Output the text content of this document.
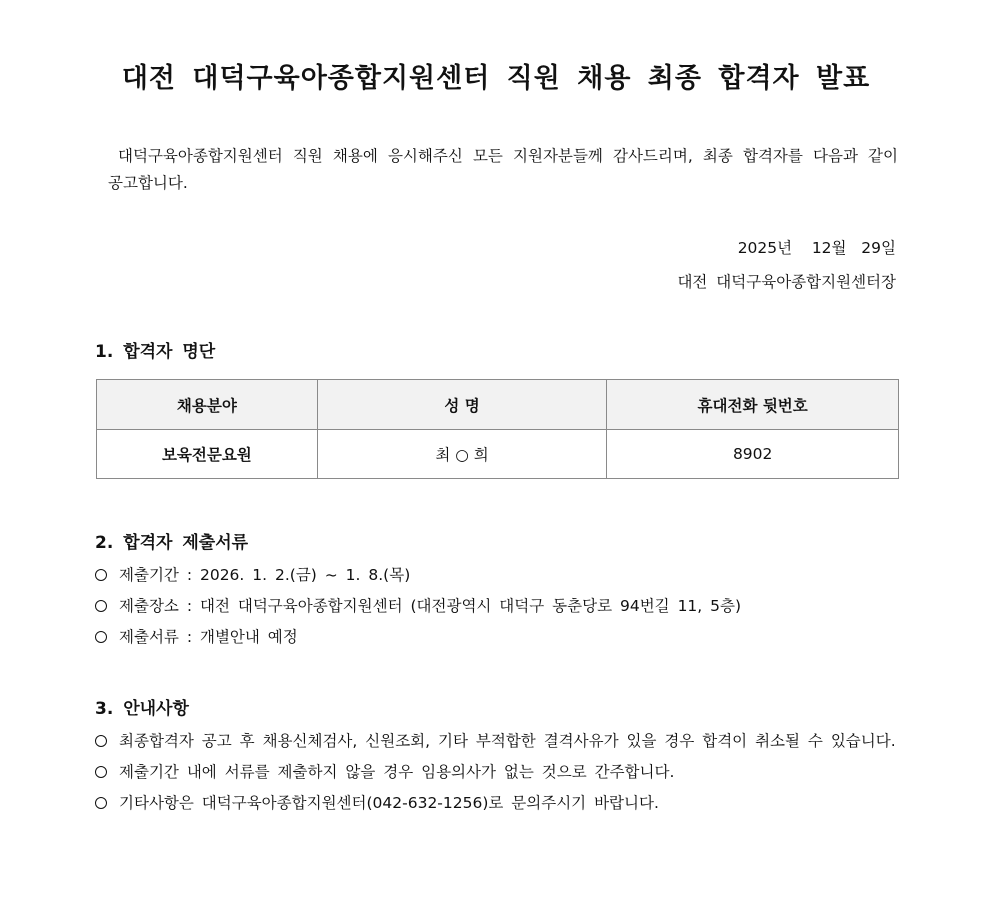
대전 대덕구육아종합지원센터 직원 채용 최종 합격자 발표
대덕구육아종합지원센터 직원 채용에 응시해주신 모든 지원자분들께 감사드리며, 최종 합격자를 다음과 같이 공고합니다.
2025년    12월   29일
대전 대덕구육아종합지원센터장
1. 합격자 명단
채용분야	성 명	휴대전화 뒷번호
보육전문요원	최 ○ 희	8902
2. 합격자 제출서류
제출기간 : 2026. 1. 2.(금) ~ 1. 8.(목)
제출장소 : 대전 대덕구육아종합지원센터 (대전광역시 대덕구 동춘당로 94번길 11, 5층)
제출서류 : 개별안내 예정
3. 안내사항
최종합격자 공고 후 채용신체검사, 신원조회, 기타 부적합한 결격사유가 있을 경우 합격이 취소될 수 있습니다.
제출기간 내에 서류를 제출하지 않을 경우 임용의사가 없는 것으로 간주합니다.
기타사항은 대덕구육아종합지원센터(042-632-1256)로 문의주시기 바랍니다.
